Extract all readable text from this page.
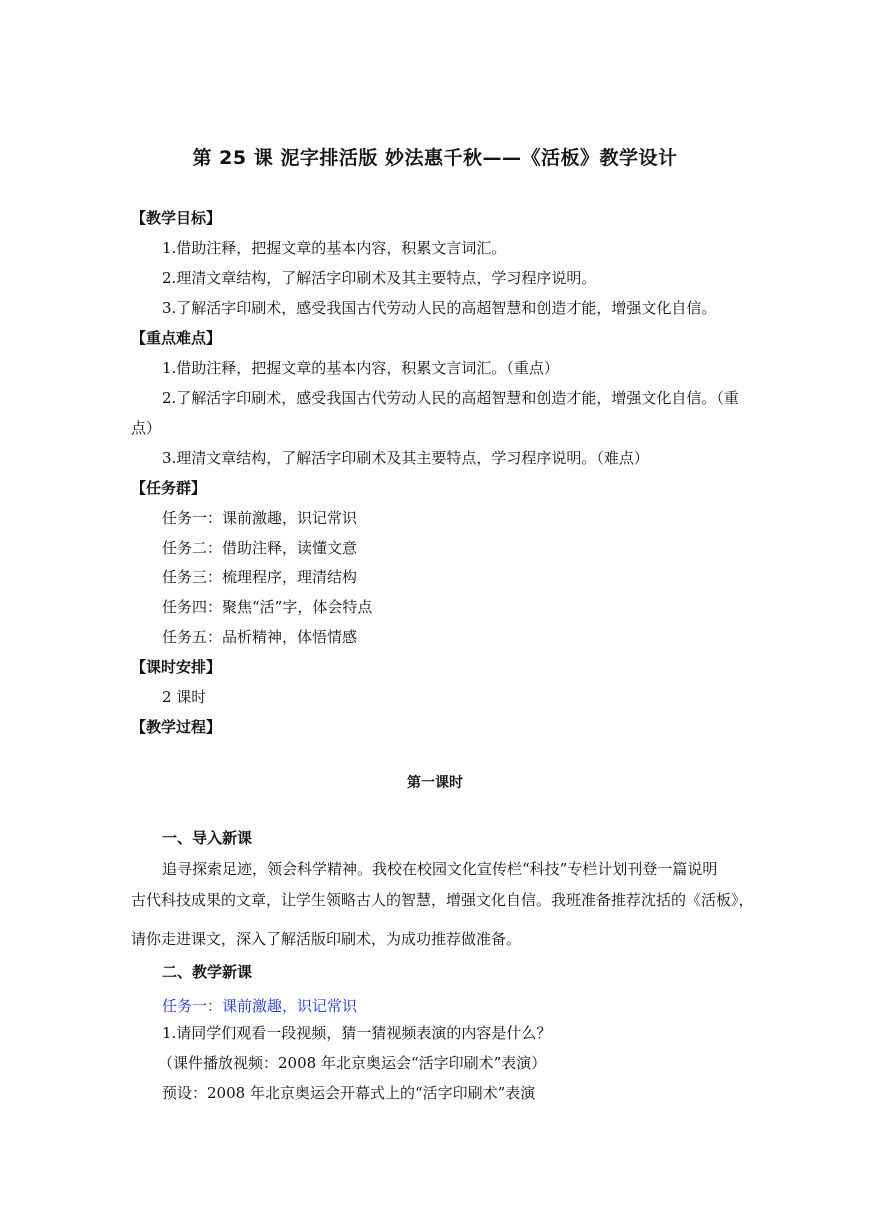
第 25 课 泥字排活版 妙法惠千秋——《活板》教学设计
【教学目标】
1.借助注释，把握文章的基本内容，积累文言词汇。
2.理清文章结构，了解活字印刷术及其主要特点，学习程序说明。
3.了解活字印刷术，感受我国古代劳动人民的高超智慧和创造才能，增强文化自信。
【重点难点】
1.借助注释，把握文章的基本内容，积累文言词汇。（重点）
2.了解活字印刷术，感受我国古代劳动人民的高超智慧和创造才能，增强文化自信。（重
点）
3.理清文章结构，了解活字印刷术及其主要特点，学习程序说明。（难点）
【任务群】
任务一：课前激趣，识记常识
任务二：借助注释，读懂文意
任务三：梳理程序，理清结构
任务四：聚焦“活”字，体会特点
任务五：品析精神，体悟情感
【课时安排】
2 课时
【教学过程】
第一课时
一、导入新课
追寻探索足迹，领会科学精神。我校在校园文化宣传栏“科技”专栏计划刊登一篇说明
古代科技成果的文章，让学生领略古人的智慧，增强文化自信。我班准备推荐沈括的《活板》，
请你走进课文，深入了解活版印刷术，为成功推荐做准备。
二、教学新课
任务一：课前激趣，识记常识
1.请同学们观看一段视频，猜一猜视频表演的内容是什么？
（课件播放视频：2008 年北京奥运会“活字印刷术”表演）
预设：2008 年北京奥运会开幕式上的“活字印刷术”表演
